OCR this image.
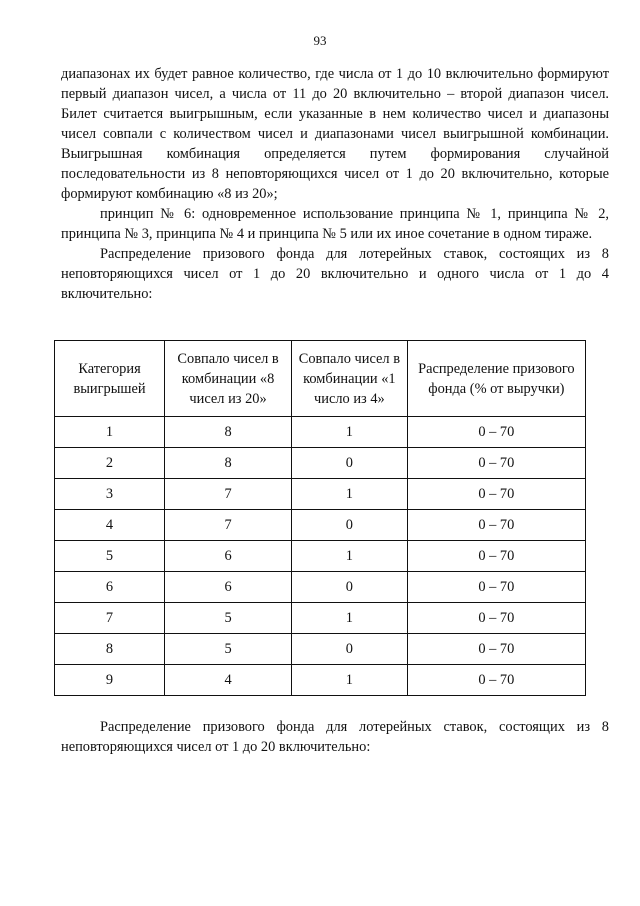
93

диапазонах их будет равное количество, где числа от 1 до 10 включительно формируют первый диапазон чисел, а числа от 11 до 20 включительно – второй диапазон чисел. Билет считается выигрышным, если указанные в нем количество чисел и диапазоны чисел совпали с количеством чисел и диапазонами чисел выигрышной комбинации. Выигрышная комбинация определяется путем формирования случайной последовательности из 8 неповторяющихся чисел от 1 до 20 включительно, которые формируют комбинацию «8 из 20»;

принцип № 6: одновременное использование принципа № 1, принципа № 2, принципа № 3, принципа № 4 и принципа № 5 или их иное сочетание в одном тираже.

Распределение призового фонда для лотерейных ставок, состоящих из 8 неповторяющихся чисел от 1 до 20 включительно и одного числа от 1 до 4 включительно:

Категория выигрышей	Совпало чисел в комбинации «8 чисел из 20»	Совпало чисел в комбинации «1 число из 4»	Распределение призового фонда (% от выручки)
1	8	1	0 – 70
2	8	0	0 – 70
3	7	1	0 – 70
4	7	0	0 – 70
5	6	1	0 – 70
6	6	0	0 – 70
7	5	1	0 – 70
8	5	0	0 – 70
9	4	1	0 – 70

Распределение призового фонда для лотерейных ставок, состоящих из 8 неповторяющихся чисел от 1 до 20 включительно:
